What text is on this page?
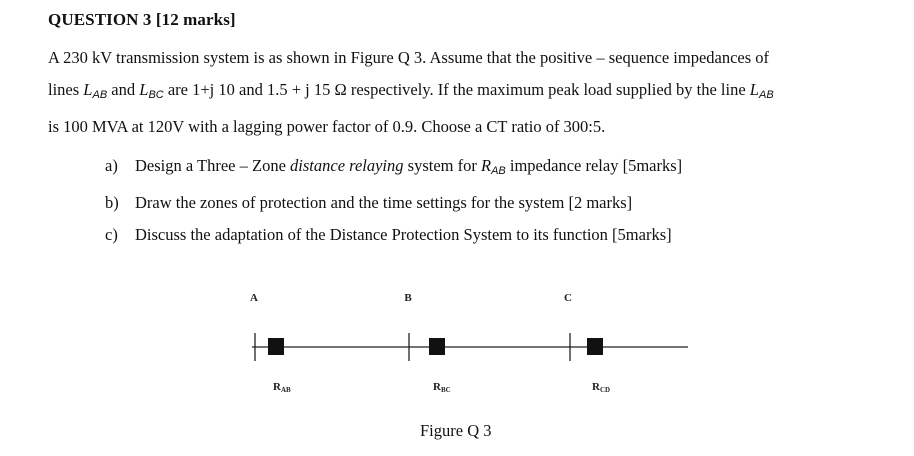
QUESTION 3 [12 marks]
A 230 kV transmission system is as shown in Figure Q 3. Assume that the positive – sequence impedances of
lines $L_{AB}$ and $L_{BC}$ are 1+j 10 and 1.5 + j 15 Ω respectively. If the maximum peak load supplied by the line $L_{AB}$
is 100 MVA at 120V with a lagging power factor of 0.9. Choose a CT ratio of 300:5.
a) Design a Three – Zone distance relaying system for $R_{AB}$ impedance relay [5marks]
b) Draw the zones of protection and the time settings for the system [2 marks]
c) Discuss the adaptation of the Distance Protection System to its function [5marks]
A	B	C
RAB	RBC	RCD
Figure Q 3
